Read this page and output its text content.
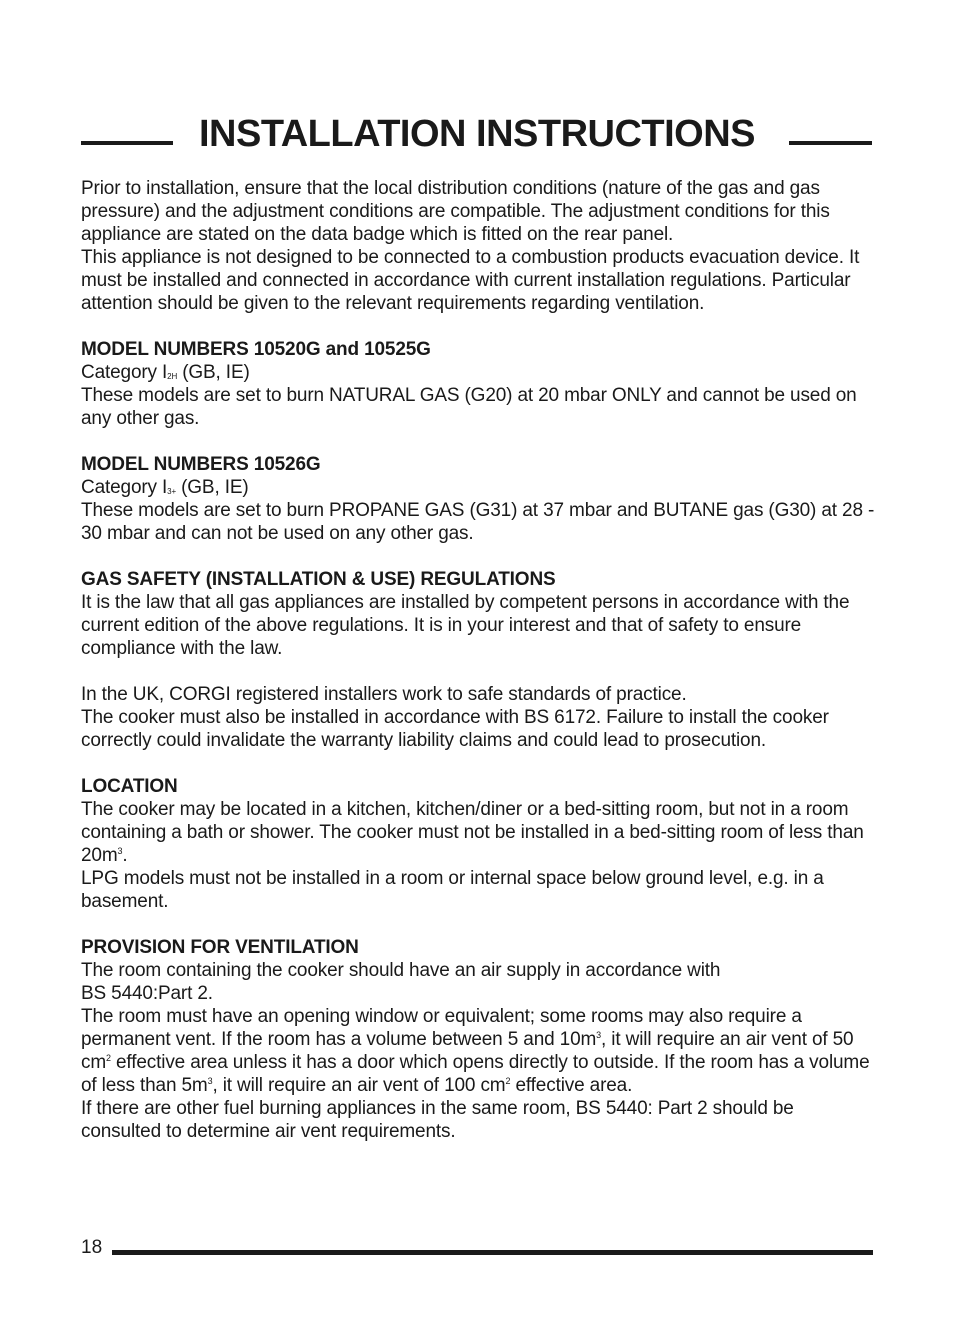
INSTALLATION INSTRUCTIONS

Prior to installation, ensure that the local distribution conditions (nature of the gas and gas pressure) and the adjustment conditions are compatible. The adjustment conditions for this appliance are stated on the data badge which is fitted on the rear panel.

This appliance is not designed to be connected to a combustion products evacuation device. It must be installed and connected in accordance with current installation regulations. Particular attention should be given to the relevant requirements regarding ventilation.

MODEL NUMBERS 10520G and 10525G

Category $I_{2H}$ (GB, IE)

These models are set to burn NATURAL GAS (G20) at 20 mbar ONLY and cannot be used on any other gas.

MODEL NUMBERS 10526G

Category $I_{3+}$ (GB, IE)

These models are set to burn PROPANE GAS (G31) at 37 mbar and BUTANE gas (G30) at 28 - 30 mbar and can not be used on any other gas.

GAS SAFETY (INSTALLATION & USE) REGULATIONS

It is the law that all gas appliances are installed by competent persons in accordance with the current edition of the above regulations. It is in your interest and that of safety to ensure compliance with the law.

In the UK, CORGI registered installers work to safe standards of practice.

The cooker must also be installed in accordance with BS 6172. Failure to install the cooker correctly could invalidate the warranty liability claims and could lead to prosecution.

LOCATION

The cooker may be located in a kitchen, kitchen/diner or a bed-sitting room, but not in a room containing a bath or shower. The cooker must not be installed in a bed-sitting room of less than $20m^3$.

LPG models must not be installed in a room or internal space below ground level, e.g. in a basement.

PROVISION FOR VENTILATION

The room containing the cooker should have an air supply in accordance with
BS 5440:Part 2.

The room must have an opening window or equivalent; some rooms may also require a permanent vent. If the room has a volume between 5 and $10m^3$, it will require an air vent of 50 $cm^2$ effective area unless it has a door which opens directly to outside. If the room has a volume of less than $5m^3$, it will require an air vent of 100 $cm^2$ effective area.

If there are other fuel burning appliances in the same room, BS 5440: Part 2 should be consulted to determine air vent requirements.

18
